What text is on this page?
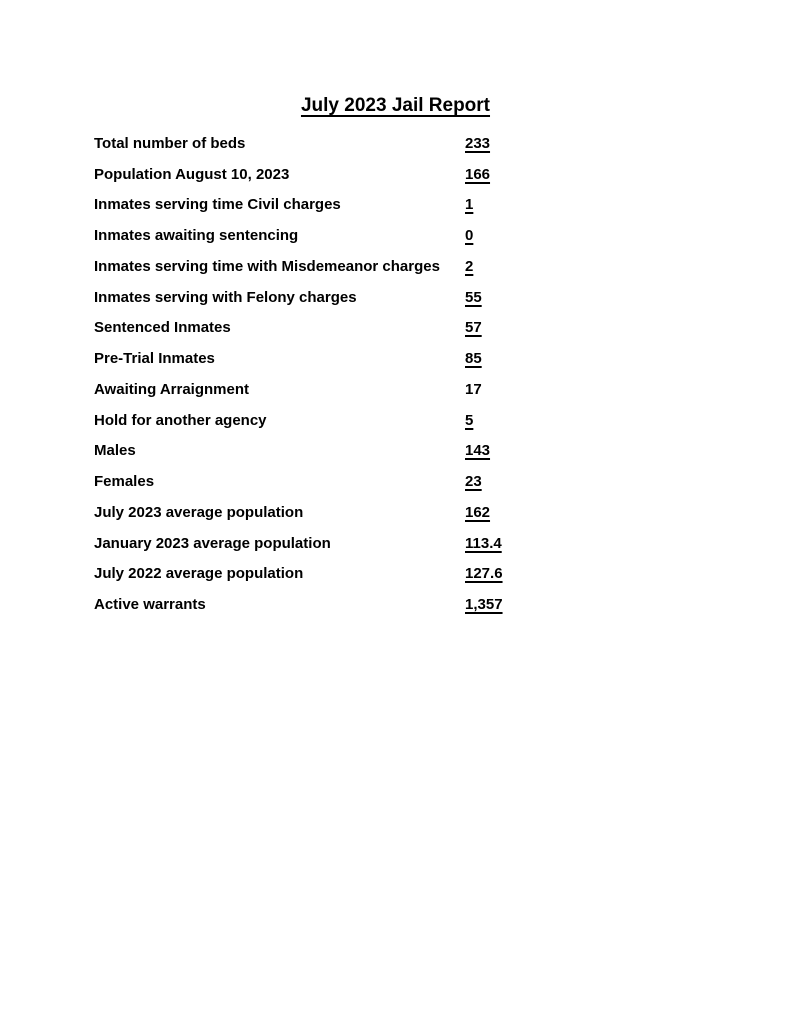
July 2023 Jail Report
Total number of beds	233
Population August 10, 2023	166
Inmates serving time Civil charges	1
Inmates awaiting sentencing	0
Inmates serving time with Misdemeanor charges	2
Inmates serving with Felony charges	55
Sentenced Inmates	57
Pre-Trial Inmates	85
Awaiting Arraignment	17
Hold for another agency	5
Males	143
Females	23
July 2023 average population	162
January 2023 average population	113.4
July 2022 average population	127.6
Active warrants	1,357
